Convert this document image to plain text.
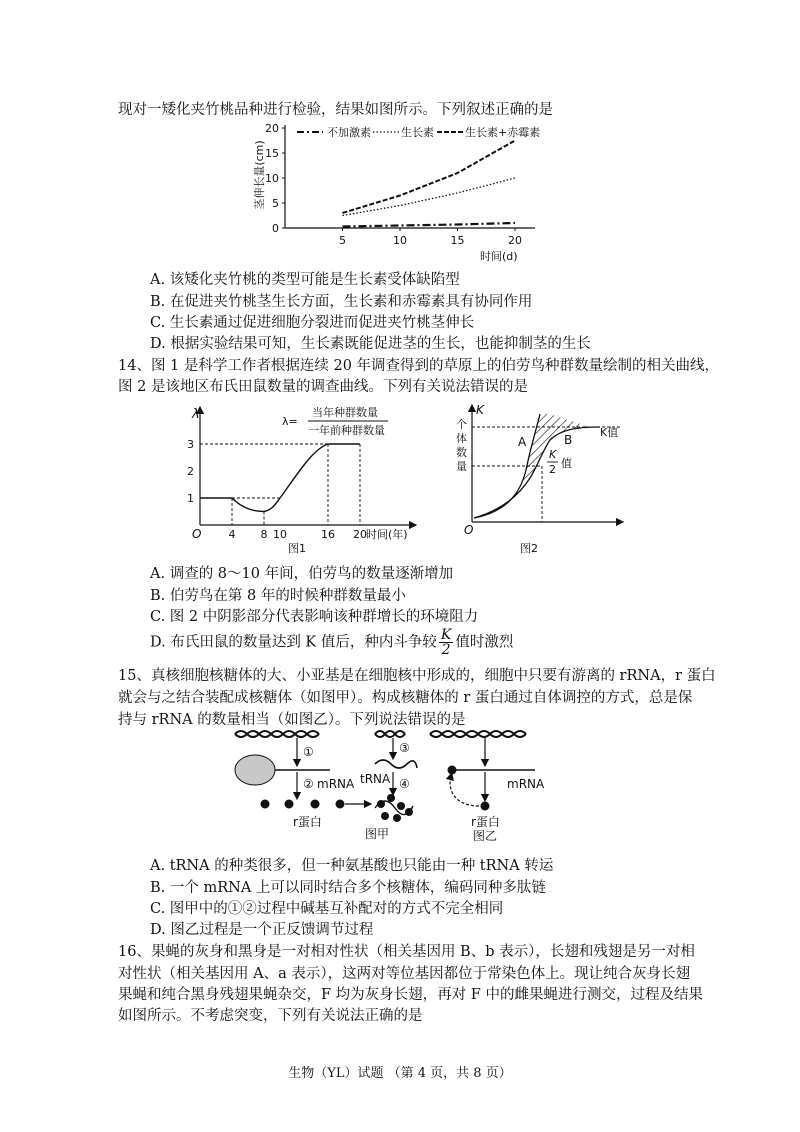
现对一矮化夹竹桃品种进行检验，结果如图所示。下列叙述正确的是
0
5
10
15
20
5	10	15	20
茎伸长量(cm)
时间(d)
不加激素	生长素	生长素+赤霉素
A. 该矮化夹竹桃的类型可能是生长素受体缺陷型
B. 在促进夹竹桃茎生长方面，生长素和赤霉素具有协同作用
C. 生长素通过促进细胞分裂进而促进夹竹桃茎伸长
D. 根据实验结果可知，生长素既能促进茎的生长，也能抑制茎的生长
14、图 1 是科学工作者根据连续 20 年调查得到的草原上的伯劳鸟种群数量绘制的相关曲线，
图 2 是该地区布氏田鼠数量的调查曲线。下列有关说法错误的是
λ
O 4 8 10	16 20
1
2
3
λ=
当年种群数量
一年前种群数量
时间(年)
图1
个
体
数
量
K
O
A	B
K值
K
2 值
图2
A. 调查的 8～10 年间，伯劳鸟的数量逐渐增加
B. 伯劳鸟在第 8 年的时候种群数量最小
C. 图 2 中阴影部分代表影响该种群增长的环境阻力
D. 布氏田鼠的数量达到 K 值后，种内斗争较 $\frac{K}{2}$ 值时激烈
15、真核细胞核糖体的大、小亚基是在细胞核中形成的，细胞中只要有游离的 rRNA，r 蛋白
就会与之结合装配成核糖体（如图甲）。构成核糖体的 r 蛋白通过自体调控的方式，总是保
持与 rRNA 的数量相当（如图乙）。下列说法错误的是
①
② mRNA
r蛋白
③
tRNA ④
图甲
mRNA
r蛋白
图乙
A. tRNA 的种类很多，但一种氨基酸也只能由一种 tRNA 转运
B. 一个 mRNA 上可以同时结合多个核糖体，编码同种多肽链
C. 图甲中的①②过程中碱基互补配对的方式不完全相同
D. 图乙过程是一个正反馈调节过程
16、果蝇的灰身和黑身是一对相对性状（相关基因用 B、b 表示），长翅和残翅是另一对相
对性状（相关基因用 A、a 表示），这两对等位基因都位于常染色体上。现让纯合灰身长翅
果蝇和纯合黑身残翅果蝇杂交，F 均为灰身长翅，再对 F 中的雌果蝇进行测交，过程及结果
如图所示。不考虑突变，下列有关说法正确的是
生物（YL）试题 （第 4 页，共 8 页）
